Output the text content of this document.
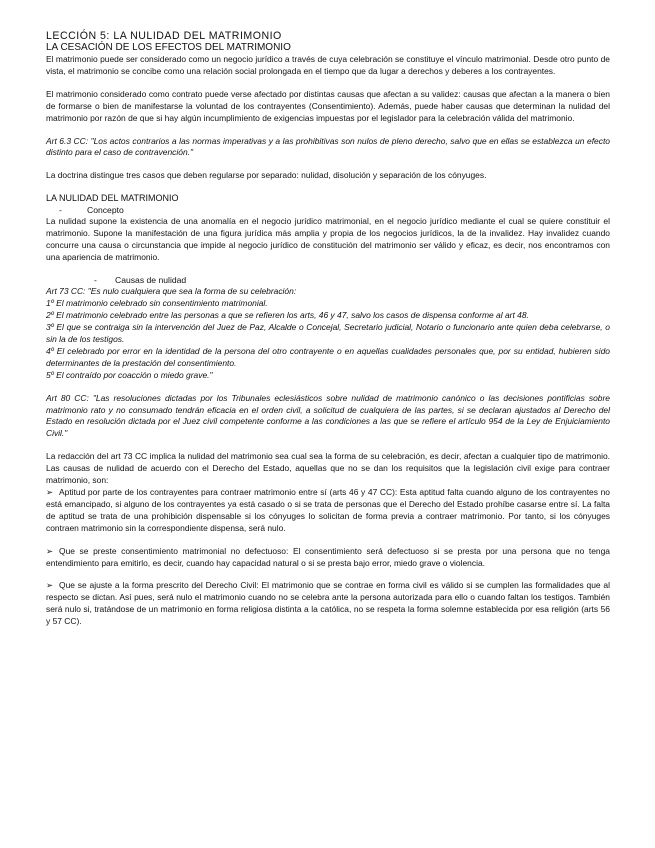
LECCIÓN 5: LA NULIDAD DEL MATRIMONIO
LA CESACIÓN DE LOS EFECTOS DEL MATRIMONIO

El matrimonio puede ser considerado como un negocio jurídico a través de cuya celebración se constituye el vínculo matrimonial. Desde otro punto de vista, el matrimonio se concibe como una relación social prolongada en el tiempo que da lugar a derechos y deberes a los contrayentes.

El matrimonio considerado como contrato puede verse afectado por distintas causas que afectan a su validez: causas que afectan a la manera o bien de formarse o bien de manifestarse la voluntad de los contrayentes (Consentimiento). Además, puede haber causas que determinan la nulidad del matrimonio por razón de que si hay algún incumplimiento de exigencias impuestas por el legislador para la celebración válida del matrimonio.

Art 6.3 CC: "Los actos contrarios a las normas imperativas y a las prohibitivas son nulos de pleno derecho, salvo que en ellas se establezca un efecto distinto para el caso de contravención."

La doctrina distingue tres casos que deben regularse por separado: nulidad, disolución y separación de los cónyuges.

LA NULIDAD DEL MATRIMONIO

-	Concepto

La nulidad supone la existencia de una anomalía en el negocio jurídico matrimonial, en el negocio jurídico mediante el cual se quiere constituir el matrimonio. Supone la manifestación de una figura jurídica más amplia y propia de los negocios jurídicos, la de la invalidez. Hay invalidez cuando concurre una causa o circunstancia que impide al negocio jurídico de constitución del matrimonio ser válido y eficaz, es decir, nos encontramos con una apariencia de matrimonio.

- Causas de nulidad

Art 73 CC: "Es nulo cualquiera que sea la forma de su celebración:

1º El matrimonio celebrado sin consentimiento matrimonial.

2º El matrimonio celebrado entre las personas a que se refieren los arts, 46 y 47, salvo los casos de dispensa conforme al art 48.

3º El que se contraiga sin la intervención del Juez de Paz, Alcalde o Concejal, Secretario judicial, Notario o funcionario ante quien deba celebrarse, o sin la de los testigos.

4º El celebrado por error en la identidad de la persona del otro contrayente o en aquellas cualidades personales que, por su entidad, hubieren sido determinantes de la prestación del consentimiento.

5º El contraído por coacción o miedo grave."

Art 80 CC: "Las resoluciones dictadas por los Tribunales eclesiásticos sobre nulidad de matrimonio canónico o las decisiones pontificias sobre matrimonio rato y no consumado tendrán eficacia en el orden civil, a solicitud de cualquiera de las partes, si se declaran ajustados al Derecho del Estado en resolución dictada por el Juez civil competente conforme a las condiciones a las que se refiere el artículo 954 de la Ley de Enjuiciamiento Civil."

La redacción del art 73 CC implica la nulidad del matrimonio sea cual sea la forma de su celebración, es decir, afectan a cualquier tipo de matrimonio. Las causas de nulidad de acuerdo con el Derecho del Estado, aquellas que no se dan los requisitos que la legislación civil exige para contraer matrimonio, son:

➢ Aptitud por parte de los contrayentes para contraer matrimonio entre sí (arts 46 y 47 CC): Esta aptitud falta cuando alguno de los contrayentes no está emancipado, si alguno de los contrayentes ya está casado o si se trata de personas que el Derecho del Estado prohíbe casarse entre sí. La falta de aptitud se trata de una prohibición dispensable si los cónyuges lo solicitan de forma previa a contraer matrimonio. Por tanto, si los cónyuges contraen matrimonio sin la correspondiente dispensa, será nulo.

➢ Que se preste consentimiento matrimonial no defectuoso: El consentimiento será defectuoso si se presta por una persona que no tenga entendimiento para emitirlo, es decir, cuando hay capacidad natural o si se presta bajo error, miedo grave o violencia.

➢ Que se ajuste a la forma prescrito del Derecho Civil: El matrimonio que se contrae en forma civil es válido si se cumplen las formalidades que al respecto se dictan. Así pues, será nulo el matrimonio cuando no se celebra ante la persona autorizada para ello o cuando faltan los testigos. También será nulo si, tratándose de un matrimonio en forma religiosa distinta a la católica, no se respeta la forma solemne establecida por esa religión (arts 56 y 57 CC).
